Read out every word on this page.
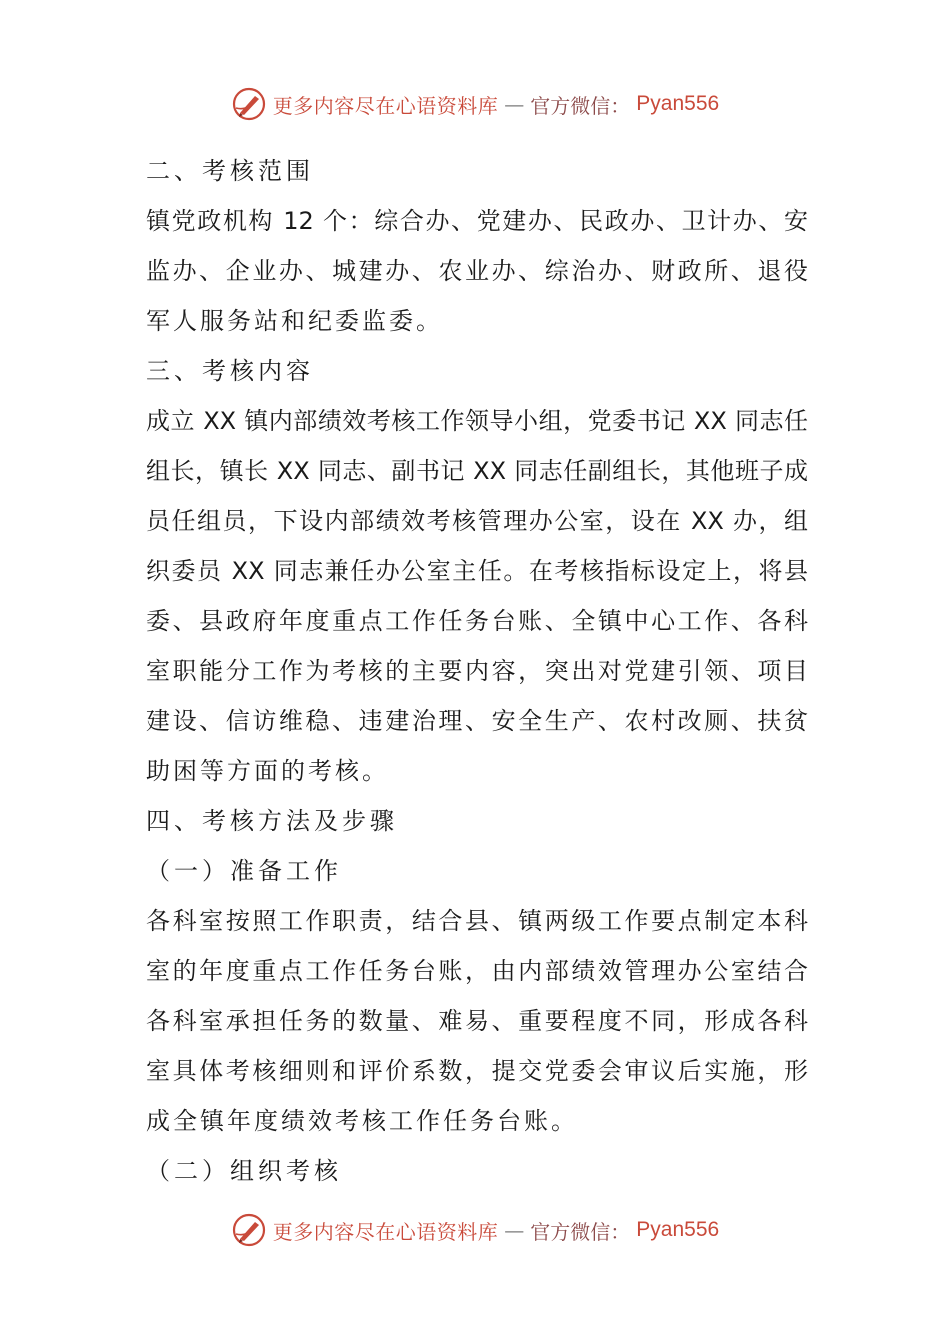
更多内容尽在心语资料库 — 官方微信： Pyan556
二、考核范围
镇党政机构 12 个：综合办、党建办、民政办、卫计办、安
监办、企业办、城建办、农业办、综治办、财政所、退役
军人服务站和纪委监委。
三、考核内容
成立 XX 镇内部绩效考核工作领导小组，党委书记 XX 同志任
组长，镇长 XX 同志、副书记 XX 同志任副组长，其他班子成
员任组员，下设内部绩效考核管理办公室，设在 XX 办，组
织委员 XX 同志兼任办公室主任。在考核指标设定上，将县
委、县政府年度重点工作任务台账、全镇中心工作、各科
室职能分工作为考核的主要内容，突出对党建引领、项目
建设、信访维稳、违建治理、安全生产、农村改厕、扶贫
助困等方面的考核。
四、考核方法及步骤
（一）准备工作
各科室按照工作职责，结合县、镇两级工作要点制定本科
室的年度重点工作任务台账，由内部绩效管理办公室结合
各科室承担任务的数量、难易、重要程度不同，形成各科
室具体考核细则和评价系数，提交党委会审议后实施，形
成全镇年度绩效考核工作任务台账。
（二）组织考核
更多内容尽在心语资料库 — 官方微信： Pyan556
